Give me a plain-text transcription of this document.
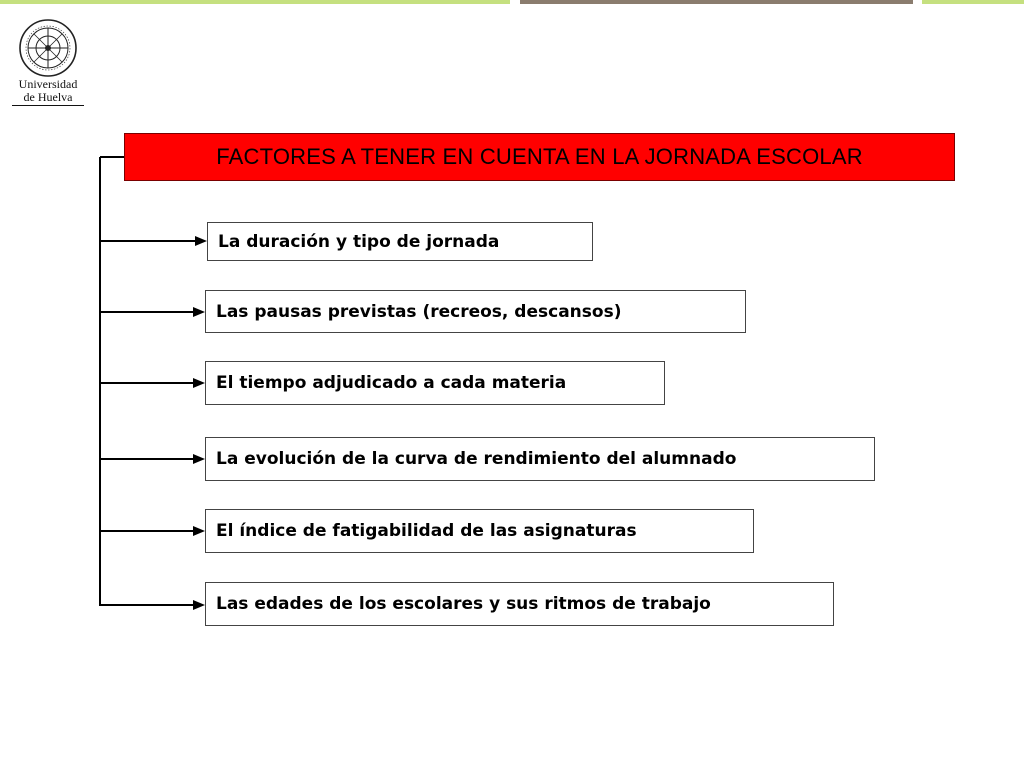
Universidad
de Huelva
FACTORES A TENER EN CUENTA EN LA JORNADA ESCOLAR
La duración y tipo de jornada
Las pausas previstas (recreos, descansos)
El tiempo adjudicado a cada materia
La evolución de la curva de rendimiento del alumnado
El índice de fatigabilidad de las asignaturas
Las edades de los escolares y sus ritmos de trabajo
